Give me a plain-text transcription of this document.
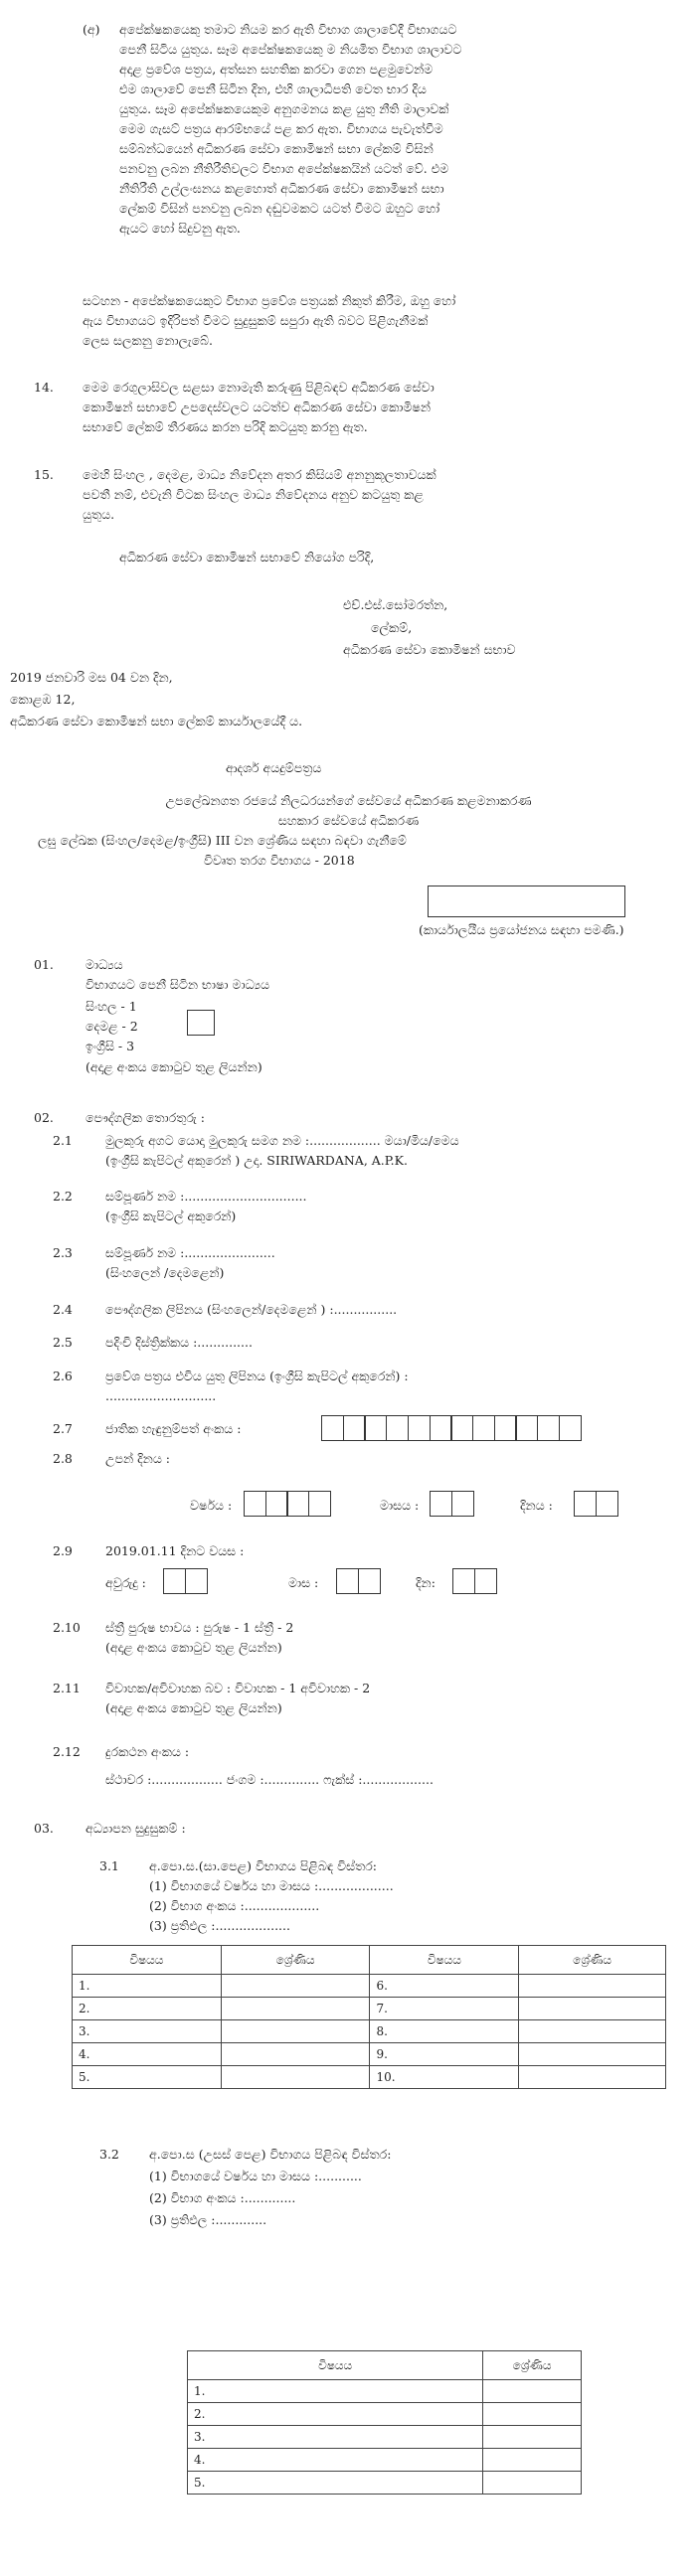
(අ) අපේක්ෂකයෙකු තමාට නියම කර ඇති විභාග ශාලාවේදී විභාගයට
පෙනී සිටිය යුතුය. සෑම අපේක්ෂකයෙකු ම නියමිත විභාග ශාලාවට
අදාළ ප්‍රවේශ පත්‍රය, අත්සන සහතික කරවා ගෙන පළමුවෙන්ම
එම ශාලාවේ පෙනී සිටින දින, එහි ශාලාධිපති වෙත භාර දිය
යුතුය. සෑම අපේක්ෂකයෙකුම අනුගමනය කළ යුතු නීති මාලාවක්
මෙම ගැසට් පත්‍රය ආරම්භයේ පළ කර ඇත. විභාගය පැවැත්වීම
සම්බන්ධයෙන් අධිකරණ සේවා කොමිෂන් සභා ලේකම් විසින්
පනවනු ලබන නීතිරීතිවලට විභාග අපේක්ෂකයින් යටත් වේ. එම
නීතිරීති උල්ලංඝනය කළහොත් අධිකරණ සේවා කොමිෂන් සභා
ලේකම් විසින් පනවනු ලබන දඬුවමකට යටත් වීමට ඔහුට හෝ
ඇයට හෝ සිදුවනු ඇත.
සටහන - අපේක්ෂකයෙකුට විභාග ප්‍රවේශ පත්‍රයක් නිකුත් කිරීම, ඔහු හෝ
ඇය විභාගයට ඉදිරිපත් වීමට සුදුසුකම් සපුරා ඇති බවට පිළිගැනීමක්
ලෙස සලකනු නොලැබේ.
14. මෙම රෙගුලාසිවල සළසා නොමැති කරුණු පිළිබඳව අධිකරණ සේවා
කොමිෂන් සභාවේ උපදෙස්වලට යටත්ව අධිකරණ සේවා කොමිෂන්
සභාවේ ලේකම් තීරණය කරන පරිදි කටයුතු කරනු ඇත.
15. මෙහි සිංහල , දෙමළ, මාධ්‍ය නිවේදන අතර කිසියම් අනනුකූලතාවයක්
පවතී නම්, එවැනි විටක සිංහල මාධ්‍ය නිවේදනය අනුව කටයුතු කළ
යුතුය.
අධිකරණ සේවා කොමිෂන් සභාවේ නියෝග පරිදි,
එච්.එස්.සෝමරත්න,
ලේකම්,
අධිකරණ සේවා කොමිෂන් සභාව
2019 ජනවාරි මස 04 වන දින,
කොළඹ 12,
අධිකරණ සේවා කොමිෂන් සභා ලේකම් කාර්යාලයේදී ය.
ආදර්ශ අයදුම්පත්‍රය
උපලේඛනගත රජයේ නිලධරයන්ගේ සේවයේ අධිකරණ කළමනාකරණ
සහකාර සේවයේ අධිකරණ
ලඝු ලේඛක (සිංහල/දෙමළ/ඉංග්‍රීසි) III වන ශ්‍රේණිය සඳහා බඳවා ගැනීමේ
විවෘත තරග විභාගය - 2018
(කාර්යාලයීය ප්‍රයෝජනය සඳහා පමණි.)
01.	මාධ්‍යය
විභාගයට පෙනී සිටින භාෂා මාධ්‍යය
සිංහල - 1
දෙමළ - 2
ඉංග්‍රීසි - 3
(අදාළ අංකය කොටුව තුළ ලියන්න)
02.	පෞද්ගලික තොරතුරු :
2.1	මුලකුරු අගට යොදා මුලකුරු සමග නම :.................. මයා/මිය/මෙය
(ඉංග්‍රීසි කැපිටල් අකුරෙන් ) උදා. SIRIWARDANA, A.P.K.
2.2	සම්පූර්ණ නම :...............................
(ඉංග්‍රීසි කැපිටල් අකුරෙන්)
2.3	සම්පූර්ණ නම :.......................
(සිංහලෙන් /දෙමළෙන්)
2.4	පෞද්ගලික ලිපිනය (සිංහලෙන්/දෙමළෙන් ) :................
2.5	පදිංචි දිස්ත්‍රික්කය :..............
2.6	ප්‍රවේශ පත්‍රය එවිය යුතු ලිපිනය (ඉංග්‍රීසි කැපිටල් අකුරෙන්) :
............................
2.7	ජාතික හැඳුනුම්පත් අංකය :
2.8	උපන් දිනය :
වර්ෂය :	මාසය :	දිනය :
2.9	2019.01.11 දිනට වයස :
අවුරුදු :	මාස :	දින:
2.10 ස්ත්‍රී පුරුෂ භාවය : පුරුෂ - 1 ස්ත්‍රී - 2
(අදාළ අංකය කොටුව තුළ ලියන්න)
2.11 විවාහක/අවිවාහක බව : විවාහක - 1 අවිවාහක - 2
(අදාළ අංකය කොටුව තුළ ලියන්න)
2.12 දුරකථන අංකය :
ස්ථාවර :.................. ජංගම :.............. ෆැක්ස් :..................
03.	අධ්‍යාපන සුදුසුකම් :
3.1 අ.පො.ස.(සා.පෙළ) විභාගය පිළිබඳ විස්තර:
(1) විභාගයේ වර්ෂය හා මාසය :...................
(2) විභාග අංකය :...................
(3) ප්‍රතිඵල :...................
විෂයය	ශ්‍රේණිය	විෂයය	ශ්‍රේණිය
1.		6.	
2.		7.	
3.		8.	
4.		9.	
5.		10.	
3.2 අ.පො.ස (උසස් පෙළ) විභාගය පිළිබඳ විස්තර:
(1) විභාගයේ වර්ෂය හා මාසය :...........
(2) විභාග අංකය :.............
(3) ප්‍රතිඵල :.............
විෂයය	ශ්‍රේණිය
1.	
2.	
3.	
4.	
5.	
